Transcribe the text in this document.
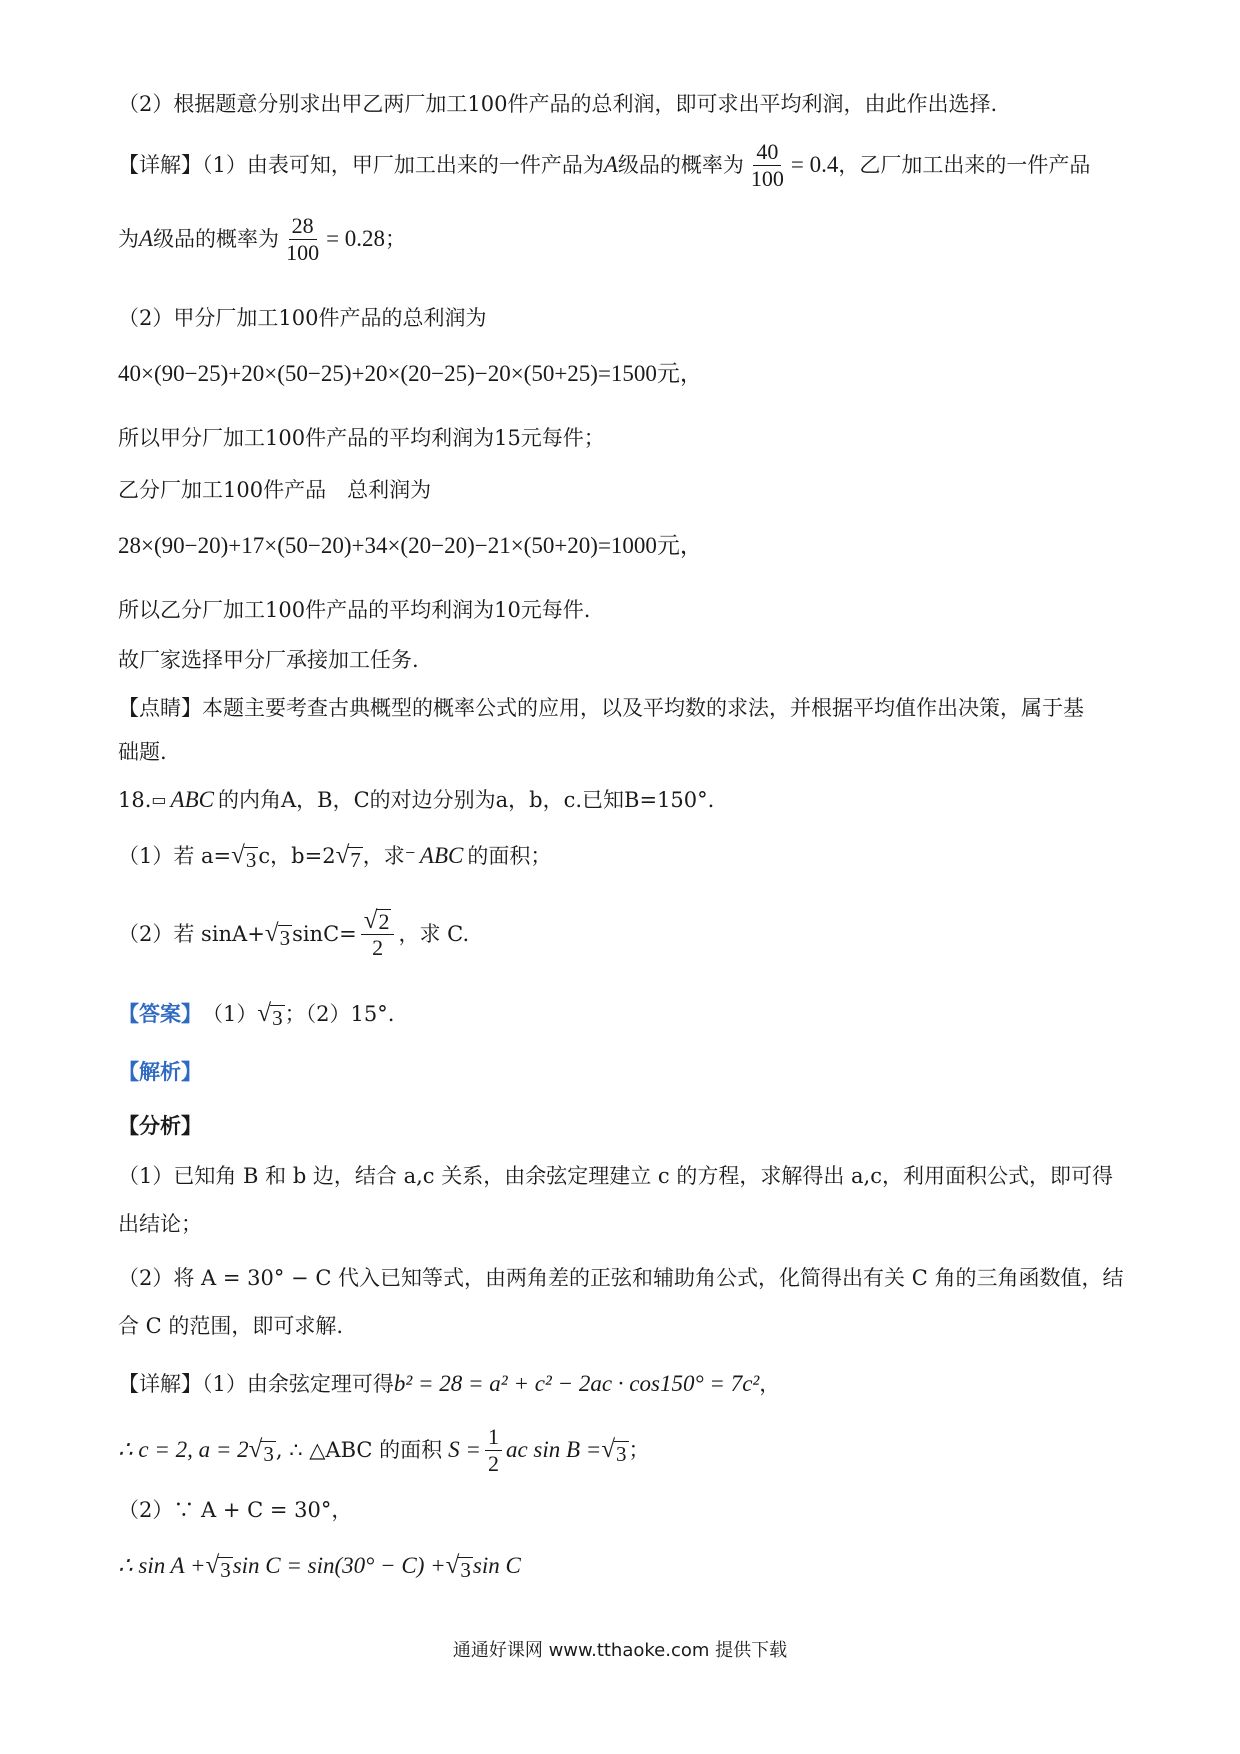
（2）根据题意分别求出甲乙两厂加工100件产品的总利润，即可求出平均利润，由此作出选择.
【详解】（1）由表可知，甲厂加工出来的一件产品为 A 级品的概率为 $\frac{40}{100} = 0.4$ ，乙厂加工出来的一件产品
为 A 级品的概率为 $\frac{28}{100} = 0.28$ ；
（2）甲分厂加工100件产品的总利润为
40×(90−25)+20×(50−25)+20×(20−25)−20×(50+25)=1500元，
所以甲分厂加工100件产品的平均利润为15元每件；
乙分厂加工100件产品　总利润为
28×(90−20)+17×(50−20)+34×(20−20)−21×(50+20)=1000元，
所以乙分厂加工100件产品的平均利润为10元每件.
故厂家选择甲分厂承接加工任务.
【点睛】本题主要考查古典概型的概率公式的应用，以及平均数的求法，并根据平均值作出决策，属于基
础题.
18. ▭ ABC 的内角A，B，C的对边分别为a，b，c.已知B=150°.
（1）若 a= √ 3 c，b=2 √ 7 ，求 ⁻ ABC 的面积；
（2）若 sinA+ √ 3 $\sin C= \frac{√ 2}{2}$ ，求 C.
【答案】 （1） √ 3 ；（2）15°.
【解析】
【分析】
（1）已知角 B 和 b 边，结合 a,c 关系，由余弦定理建立 c 的方程，求解得出 a,c，利用面积公式，即可得
出结论；
（2）将 A = 30° − C 代入已知等式，由两角差的正弦和辅助角公式，化简得出有关 C 角的三角函数值，结
合 C 的范围，即可求解.
【详解】（1）由余弦定理可得 b² = 28 = a² + c² − 2ac · cos150° = 7c² ，
∴ c = 2, a = 2 √ 3 , ∴ △ABC 的面积 $S = \frac{1}{2}$ ac sin B = √ 3 ；
（2）∵ A + C = 30°，
∴ sin A + √ 3 sin C = sin(30° − C) + √ 3 sin C
通通好课网 www.tthaoke.com 提供下载
